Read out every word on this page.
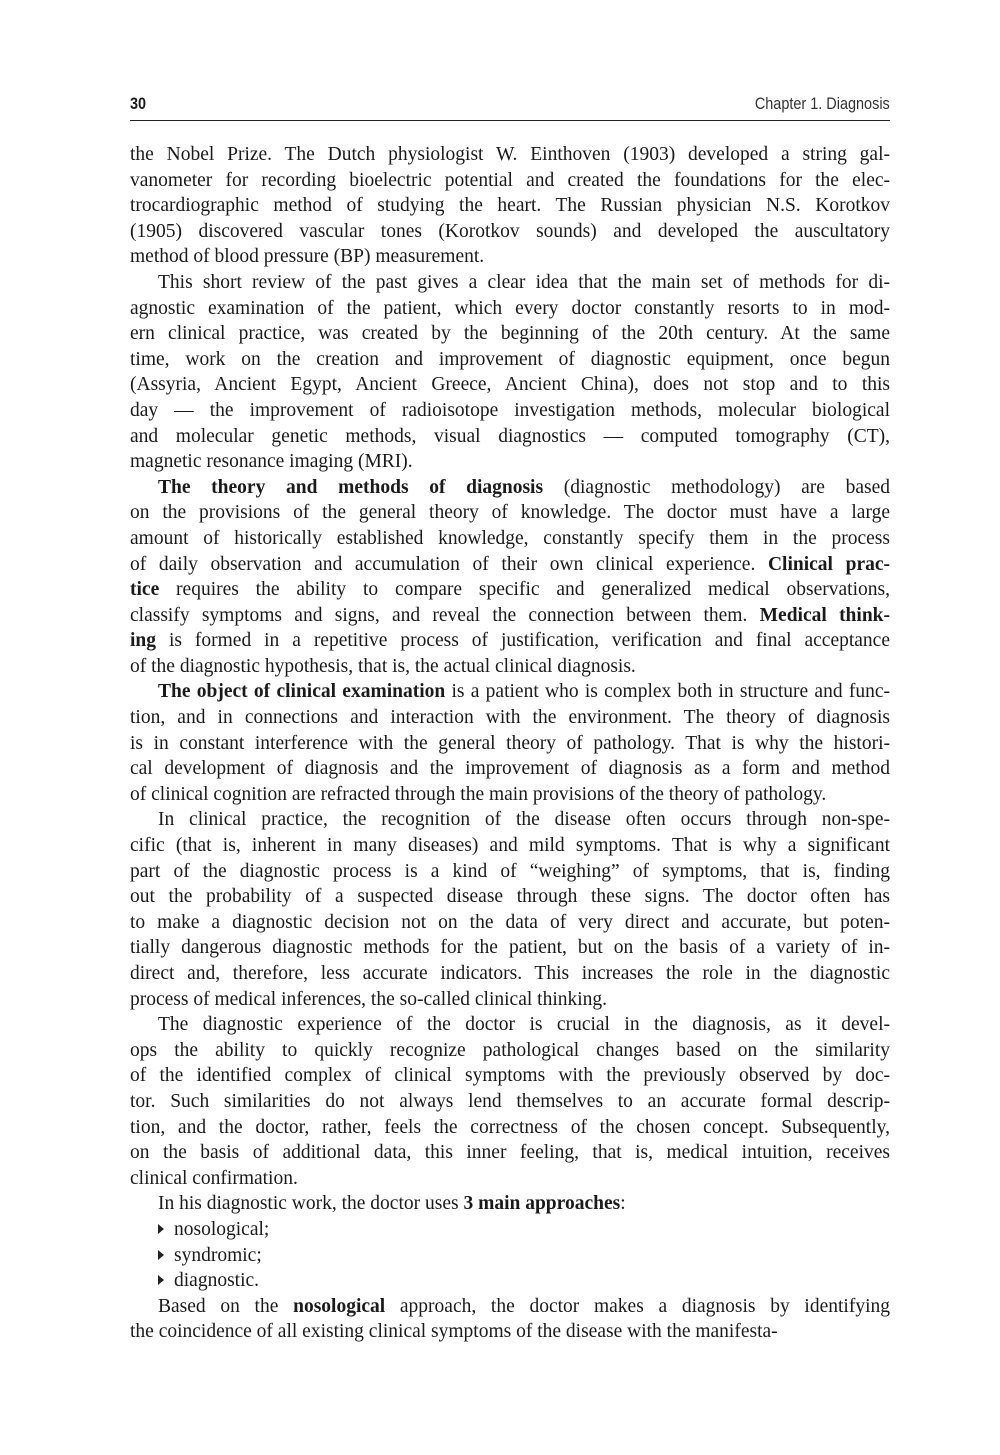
30	Chapter 1. Diagnosis
the Nobel Prize. The Dutch physiologist W. Einthoven (1903) developed a string gal-
vanometer for recording bioelectric potential and created the foundations for the elec-
trocardiographic method of studying the heart. The Russian physician N.S. Korotkov
(1905) discovered vascular tones (Korotkov sounds) and developed the auscultatory
method of blood pressure (BP) measurement.
This short review of the past gives a clear idea that the main set of methods for di-
agnostic examination of the patient, which every doctor constantly resorts to in mod-
ern clinical practice, was created by the beginning of the 20th century. At the same
time, work on the creation and improvement of diagnostic equipment, once begun
(Assyria, Ancient Egypt, Ancient Greece, Ancient China), does not stop and to this
day — the improvement of radioisotope investigation methods, molecular biological
and molecular genetic methods, visual diagnostics — computed tomography (CT),
magnetic resonance imaging (MRI).
The theory and methods of diagnosis (diagnostic methodology) are based
on the provisions of the general theory of knowledge. The doctor must have a large
amount of historically established knowledge, constantly specify them in the process
of daily observation and accumulation of their own clinical experience. Clinical prac-
tice requires the ability to compare specific and generalized medical observations,
classify symptoms and signs, and reveal the connection between them. Medical think-
ing is formed in a repetitive process of justification, verification and final acceptance
of the diagnostic hypothesis, that is, the actual clinical diagnosis.
The object of clinical examination is a patient who is complex both in structure and func-
tion, and in connections and interaction with the environment. The theory of diagnosis
is in constant interference with the general theory of pathology. That is why the histori-
cal development of diagnosis and the improvement of diagnosis as a form and method
of clinical cognition are refracted through the main provisions of the theory of pathology.
In clinical practice, the recognition of the disease often occurs through non-spe-
cific (that is, inherent in many diseases) and mild symptoms. That is why a significant
part of the diagnostic process is a kind of “weighing” of symptoms, that is, finding
out the probability of a suspected disease through these signs. The doctor often has
to make a diagnostic decision not on the data of very direct and accurate, but poten-
tially dangerous diagnostic methods for the patient, but on the basis of a variety of in-
direct and, therefore, less accurate indicators. This increases the role in the diagnostic
process of medical inferences, the so-called clinical thinking.
The diagnostic experience of the doctor is crucial in the diagnosis, as it devel-
ops the ability to quickly recognize pathological changes based on the similarity
of the identified complex of clinical symptoms with the previously observed by doc-
tor. Such similarities do not always lend themselves to an accurate formal descrip-
tion, and the doctor, rather, feels the correctness of the chosen concept. Subsequently,
on the basis of additional data, this inner feeling, that is, medical intuition, receives
clinical confirmation.
In his diagnostic work, the doctor uses 3 main approaches:
nosological;
syndromic;
diagnostic.
Based on the nosological approach, the doctor makes a diagnosis by identifying
the coincidence of all existing clinical symptoms of the disease with the manifesta-
